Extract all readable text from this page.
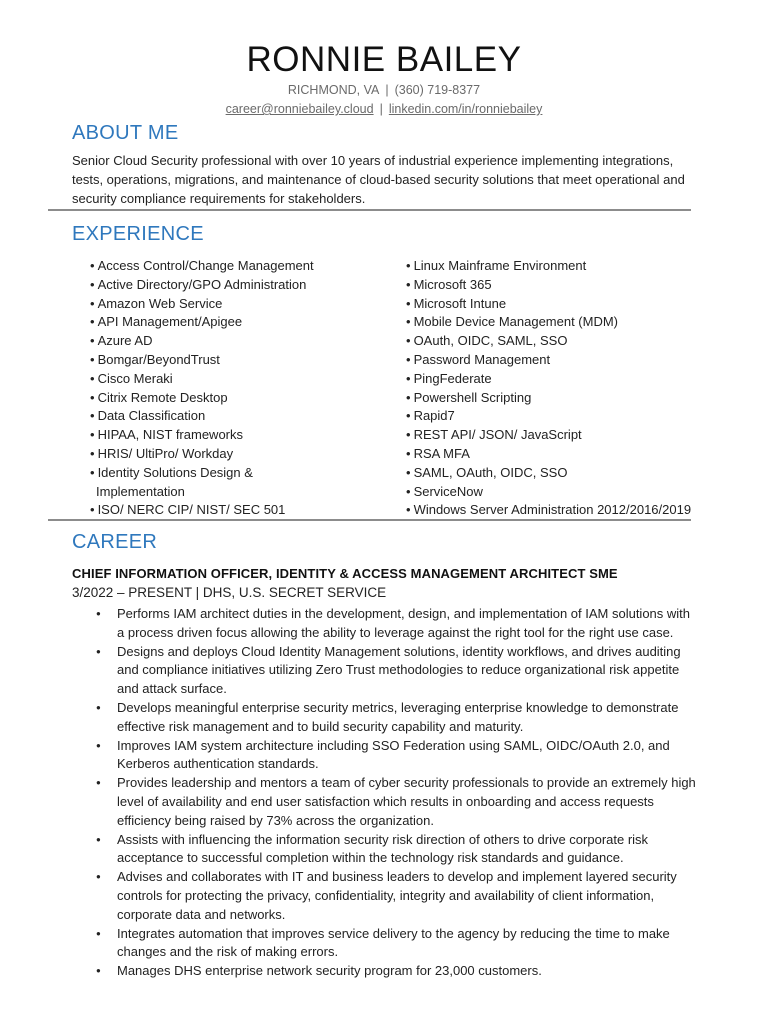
RONNIE BAILEY
RICHMOND, VA | (360) 719-8377
career@ronniebailey.cloud | linkedin.com/in/ronniebailey
ABOUT ME
Senior Cloud Security professional with over 10 years of industrial experience implementing integrations, tests, operations, migrations, and maintenance of cloud-based security solutions that meet operational and security compliance requirements for stakeholders.
EXPERIENCE
• Access Control/Change Management
• Active Directory/GPO Administration
• Amazon Web Service
• API Management/Apigee
• Azure AD
• Bomgar/BeyondTrust
• Cisco Meraki
• Citrix Remote Desktop
• Data Classification
• HIPAA, NIST frameworks
• HRIS/ UltiPro/ Workday
• Identity Solutions Design &
Implementation
• ISO/ NERC CIP/ NIST/ SEC 501
• Linux Mainframe Environment
• Microsoft 365
• Microsoft Intune
• Mobile Device Management (MDM)
• OAuth, OIDC, SAML, SSO
• Password Management
• PingFederate
• Powershell Scripting
• Rapid7
• REST API/ JSON/ JavaScript
• RSA MFA
• SAML, OAuth, OIDC, SSO
• ServiceNow
• Windows Server Administration 2012/2016/2019
CAREER
CHIEF INFORMATION OFFICER, IDENTITY & ACCESS MANAGEMENT ARCHITECT SME
3/2022 – PRESENT | DHS, U.S. SECRET SERVICE
● Performs IAM architect duties in the development, design, and implementation of IAM solutions with a process driven focus allowing the ability to leverage against the right tool for the right use case.
● Designs and deploys Cloud Identity Management solutions, identity workflows, and drives auditing and compliance initiatives utilizing Zero Trust methodologies to reduce organizational risk appetite and attack surface.
● Develops meaningful enterprise security metrics, leveraging enterprise knowledge to demonstrate effective risk management and to build security capability and maturity.
● Improves IAM system architecture including SSO Federation using SAML, OIDC/OAuth 2.0, and Kerberos authentication standards.
● Provides leadership and mentors a team of cyber security professionals to provide an extremely high level of availability and end user satisfaction which results in onboarding and access requests efficiency being raised by 73% across the organization.
● Assists with influencing the information security risk direction of others to drive corporate risk acceptance to successful completion within the technology risk standards and guidance.
● Advises and collaborates with IT and business leaders to develop and implement layered security controls for protecting the privacy, confidentiality, integrity and availability of client information, corporate data and networks.
● Integrates automation that improves service delivery to the agency by reducing the time to make changes and the risk of making errors.
● Manages DHS enterprise network security program for 23,000 customers.
